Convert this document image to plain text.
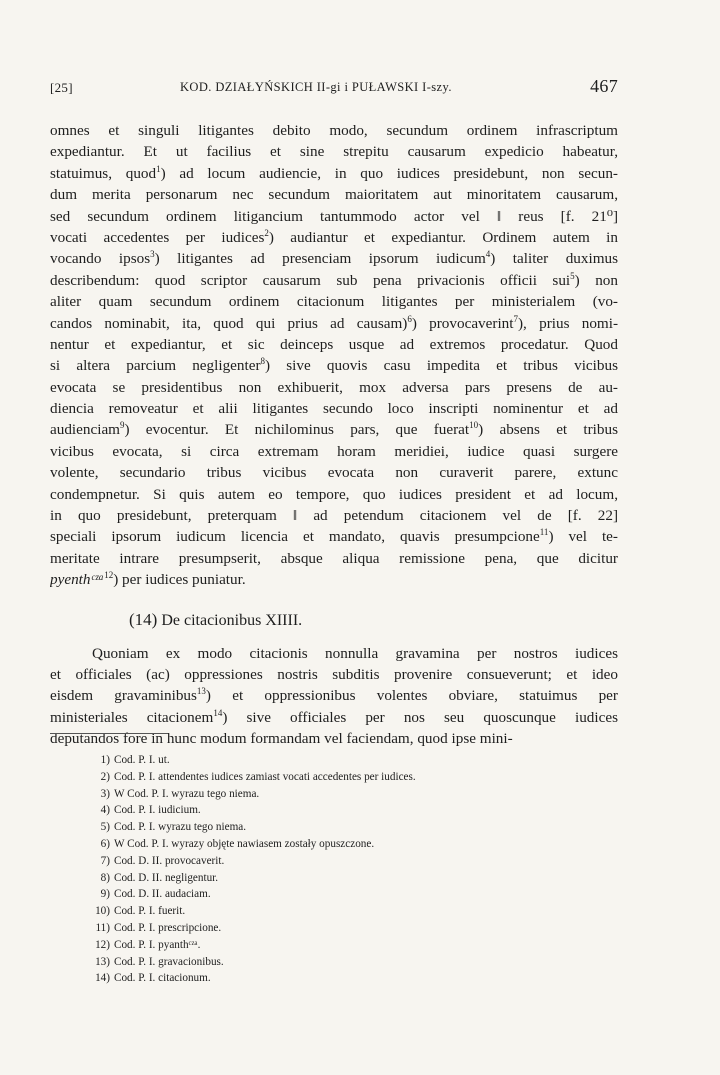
[25]	KOD. DZIAŁYŃSKICH II-gi i PUŁAWSKI I-szy.	467
omnes et singuli litigantes debito modo, secundum ordinem infrascriptum
expediantur. Et ut facilius et sine strepitu causarum expedicio habeatur,
statuimus, quod$^1$) ad locum audiencie, in quo iudices presidebunt, non secun-
dum merita personarum nec secundum maioritatem aut minoritatem causarum,
sed secundum ordinem litigancium tantummodo actor vel ‖ reus [f. 21⁰]
vocati accedentes per iudices$^2$) audiantur et expediantur. Ordinem autem in
vocando ipsos$^3$) litigantes ad presenciam ipsorum iudicum$^4$) taliter duximus
describendum: quod scriptor causarum sub pena privacionis officii sui$^5$) non
aliter quam secundum ordinem citacionum litigantes per ministerialem (vo-
candos nominabit, ita, quod qui prius ad causam)$^6$) provocaverint$^7$), prius nomi-
nentur et expediantur, et sic deinceps usque ad extremos procedatur. Quod
si altera parcium negligenter$^8$) sive quovis casu impedita et tribus vicibus
evocata se presidentibus non exhibuerit, mox adversa pars presens de au-
diencia removeatur et alii litigantes secundo loco inscripti nominentur et ad
audienciam$^9$) evocentur. Et nichilominus pars, que fuerat$^{10}$) absens et tribus
vicibus evocata, si circa extremam horam meridiei, iudice quasi surgere
volente, secundario tribus vicibus evocata non curaverit parere, extunc
condempnetur. Si quis autem eo tempore, quo iudices president et ad locum,
in quo presidebunt, preterquam ‖ ad petendum citacionem vel de [f. 22]
speciali ipsorum iudicum licencia et mandato, quavis presumpcione$^{11}$) vel te-
meritate intrare presumpserit, absque aliqua remissione pena, que dicitur
pyenthᶜᶻᵃ$^{12}$) per iudices puniatur.
(14) De citacionibus XIIII.
Quoniam ex modo citacionis nonnulla gravamina per nostros iudices
et officiales (ac) oppressiones nostris subditis provenire consueverunt; et ideo
eisdem gravaminibus$^{13}$) et oppressionibus volentes obviare, statuimus per
ministeriales citacionem$^{14}$) sive officiales per nos seu quoscunque iudices
deputandos fore in hunc modum formandam vel faciendam, quod ipse mini-
1) Cod. P. I. ut.
2) Cod. P. I. attendentes iudices zamiast vocati accedentes per iudices.
3) W Cod. P. I. wyrazu tego niema.
4) Cod. P. I. iudicium.
5) Cod. P. I. wyrazu tego niema.
6) W Cod. P. I. wyrazy objęte nawiasem zostały opuszczone.
7) Cod. D. II. provocaverit.
8) Cod. D. II. negligentur.
9) Cod. D. II. audaciam.
10) Cod. P. I. fuerit.
11) Cod. P. I. prescripcione.
12) Cod. P. I. pyanthᶜᶻᵃ.
13) Cod. P. I. gravacionibus.
14) Cod. P. I. citacionum.
